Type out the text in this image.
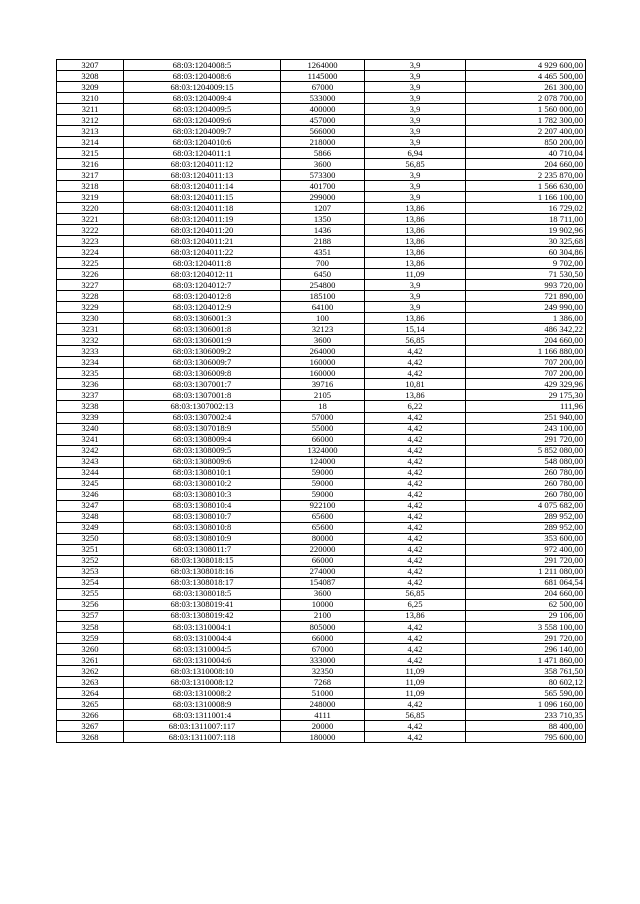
3207	68:03:1204008:5	1264000	3,9	4 929 600,00
3208	68:03:1204008:6	1145000	3,9	4 465 500,00
3209	68:03:1204009:15	67000	3,9	261 300,00
3210	68:03:1204009:4	533000	3,9	2 078 700,00
3211	68:03:1204009:5	400000	3,9	1 560 000,00
3212	68:03:1204009:6	457000	3,9	1 782 300,00
3213	68:03:1204009:7	566000	3,9	2 207 400,00
3214	68:03:1204010:6	218000	3,9	850 200,00
3215	68:03:1204011:1	5866	6,94	40 710,04
3216	68:03:1204011:12	3600	56,85	204 660,00
3217	68:03:1204011:13	573300	3,9	2 235 870,00
3218	68:03:1204011:14	401700	3,9	1 566 630,00
3219	68:03:1204011:15	299000	3,9	1 166 100,00
3220	68:03:1204011:18	1207	13,86	16 729,02
3221	68:03:1204011:19	1350	13,86	18 711,00
3222	68:03:1204011:20	1436	13,86	19 902,96
3223	68:03:1204011:21	2188	13,86	30 325,68
3224	68:03:1204011:22	4351	13,86	60 304,86
3225	68:03:1204011:8	700	13,86	9 702,00
3226	68:03:1204012:11	6450	11,09	71 530,50
3227	68:03:1204012:7	254800	3,9	993 720,00
3228	68:03:1204012:8	185100	3,9	721 890,00
3229	68:03:1204012:9	64100	3,9	249 990,00
3230	68:03:1306001:3	100	13,86	1 386,00
3231	68:03:1306001:8	32123	15,14	486 342,22
3232	68:03:1306001:9	3600	56,85	204 660,00
3233	68:03:1306009:2	264000	4,42	1 166 880,00
3234	68:03:1306009:7	160000	4,42	707 200,00
3235	68:03:1306009:8	160000	4,42	707 200,00
3236	68:03:1307001:7	39716	10,81	429 329,96
3237	68:03:1307001:8	2105	13,86	29 175,30
3238	68:03:1307002:13	18	6,22	111,96
3239	68:03:1307002:4	57000	4,42	251 940,00
3240	68:03:1307018:9	55000	4,42	243 100,00
3241	68:03:1308009:4	66000	4,42	291 720,00
3242	68:03:1308009:5	1324000	4,42	5 852 080,00
3243	68:03:1308009:6	124000	4,42	548 080,00
3244	68:03:1308010:1	59000	4,42	260 780,00
3245	68:03:1308010:2	59000	4,42	260 780,00
3246	68:03:1308010:3	59000	4,42	260 780,00
3247	68:03:1308010:4	922100	4,42	4 075 682,00
3248	68:03:1308010:7	65600	4,42	289 952,00
3249	68:03:1308010:8	65600	4,42	289 952,00
3250	68:03:1308010:9	80000	4,42	353 600,00
3251	68:03:1308011:7	220000	4,42	972 400,00
3252	68:03:1308018:15	66000	4,42	291 720,00
3253	68:03:1308018:16	274000	4,42	1 211 080,00
3254	68:03:1308018:17	154087	4,42	681 064,54
3255	68:03:1308018:5	3600	56,85	204 660,00
3256	68:03:1308019:41	10000	6,25	62 500,00
3257	68:03:1308019:42	2100	13,86	29 106,00
3258	68:03:1310004:1	805000	4,42	3 558 100,00
3259	68:03:1310004:4	66000	4,42	291 720,00
3260	68:03:1310004:5	67000	4,42	296 140,00
3261	68:03:1310004:6	333000	4,42	1 471 860,00
3262	68:03:1310008:10	32350	11,09	358 761,50
3263	68:03:1310008:12	7268	11,09	80 602,12
3264	68:03:1310008:2	51000	11,09	565 590,00
3265	68:03:1310008:9	248000	4,42	1 096 160,00
3266	68:03:1311001:4	4111	56,85	233 710,35
3267	68:03:1311007:117	20000	4,42	88 400,00
3268	68:03:1311007:118	180000	4,42	795 600,00
